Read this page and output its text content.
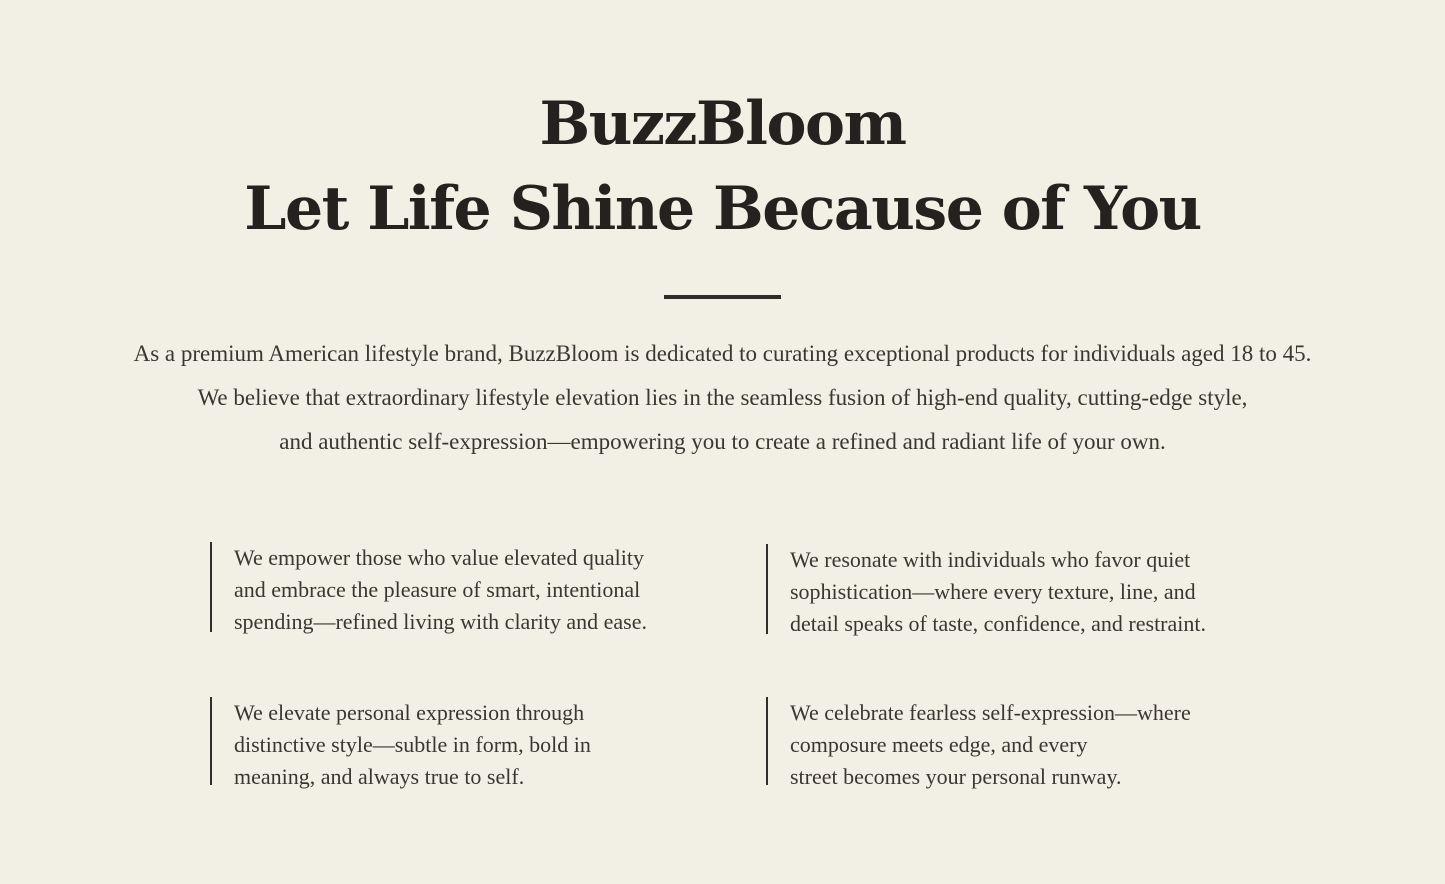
BuzzBloom
Let Life Shine Because of You
As a premium American lifestyle brand, BuzzBloom is dedicated to curating exceptional products for individuals aged 18 to 45.
We believe that extraordinary lifestyle elevation lies in the seamless fusion of high-end quality, cutting-edge style,
and authentic self-expression—empowering you to create a refined and radiant life of your own.
We empower those who value elevated quality
and embrace the pleasure of smart, intentional
spending—refined living with clarity and ease.
We resonate with individuals who favor quiet
sophistication—where every texture, line, and
detail speaks of taste, confidence, and restraint.
We elevate personal expression through
distinctive style—subtle in form, bold in
meaning, and always true to self.
We celebrate fearless self-expression—where
composure meets edge, and every
street becomes your personal runway.
